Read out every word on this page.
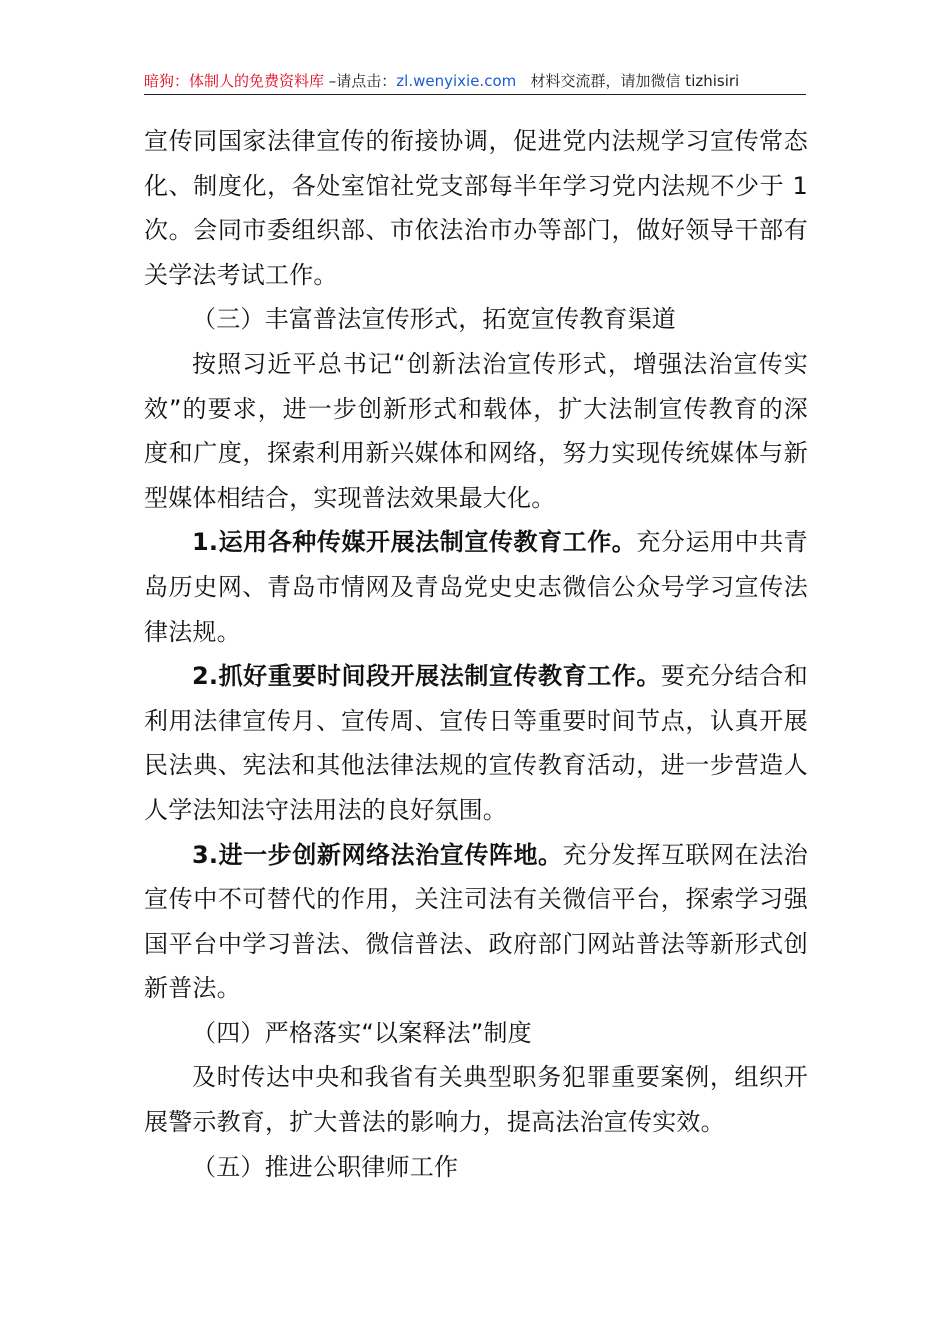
暗狗：体制人的免费资料库 –请点击：zl.wenyixie.com   材料交流群，请加微信 tizhisiri

宣传同国家法律宣传的衔接协调，促进党内法规学习宣传常态化、制度化，各处室馆社党支部每半年学习党内法规不少于 1 次。会同市委组织部、市依法治市办等部门，做好领导干部有关学法考试工作。

（三）丰富普法宣传形式，拓宽宣传教育渠道

按照习近平总书记“创新法治宣传形式，增强法治宣传实效”的要求，进一步创新形式和载体，扩大法制宣传教育的深度和广度，探索利用新兴媒体和网络，努力实现传统媒体与新型媒体相结合，实现普法效果最大化。

1.运用各种传媒开展法制宣传教育工作。充分运用中共青岛历史网、青岛市情网及青岛党史史志微信公众号学习宣传法律法规。

2.抓好重要时间段开展法制宣传教育工作。要充分结合和利用法律宣传月、宣传周、宣传日等重要时间节点，认真开展民法典、宪法和其他法律法规的宣传教育活动，进一步营造人人学法知法守法用法的良好氛围。

3.进一步创新网络法治宣传阵地。充分发挥互联网在法治宣传中不可替代的作用，关注司法有关微信平台，探索学习强国平台中学习普法、微信普法、政府部门网站普法等新形式创新普法。

（四）严格落实“以案释法”制度

及时传达中央和我省有关典型职务犯罪重要案例，组织开展警示教育，扩大普法的影响力，提高法治宣传实效。

（五）推进公职律师工作
